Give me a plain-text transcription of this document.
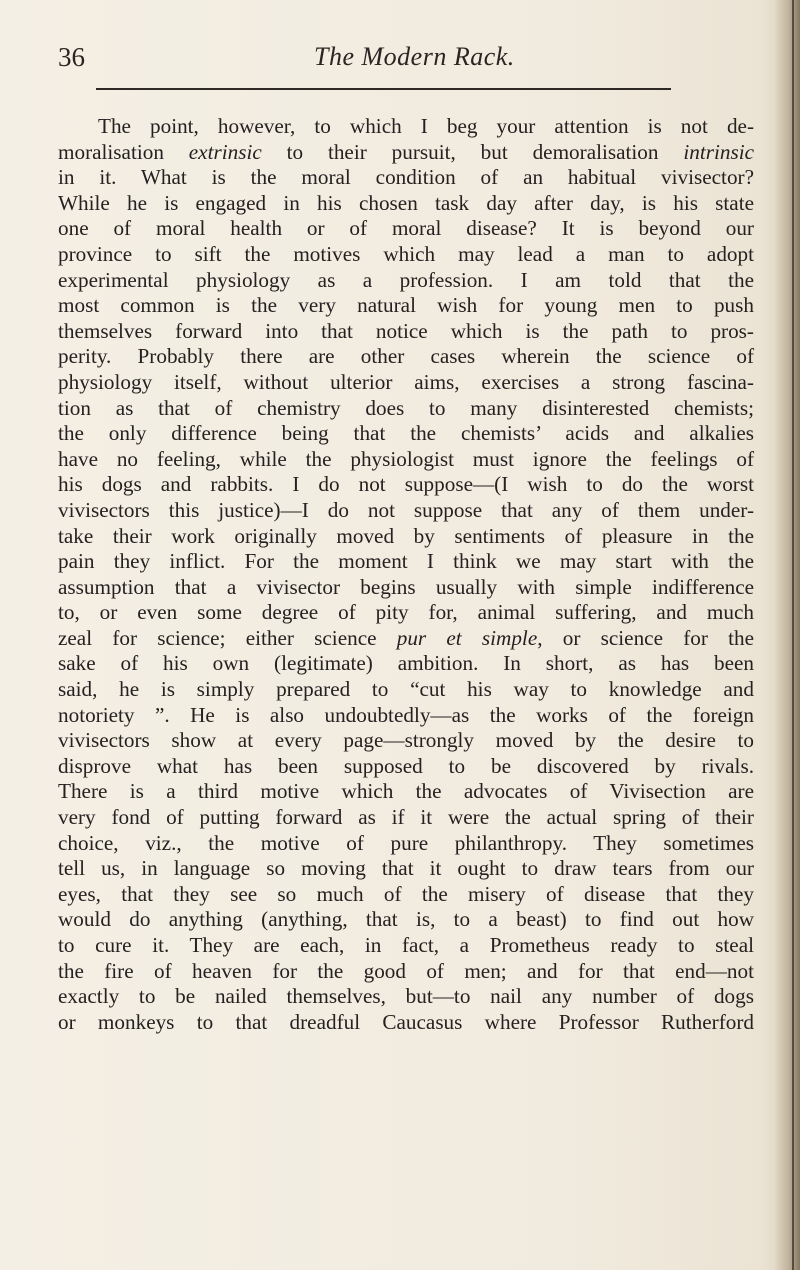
36	The Modern Rack.
The point, however, to which I beg your attention is not de-
moralisation extrinsic to their pursuit, but demoralisation intrinsic
in it. What is the moral condition of an habitual vivisector?
While he is engaged in his chosen task day after day, is his state
one of moral health or of moral disease? It is beyond our
province to sift the motives which may lead a man to adopt
experimental physiology as a profession. I am told that the
most common is the very natural wish for young men to push
themselves forward into that notice which is the path to pros-
perity. Probably there are other cases wherein the science of
physiology itself, without ulterior aims, exercises a strong fascina-
tion as that of chemistry does to many disinterested chemists;
the only difference being that the chemists’ acids and alkalies
have no feeling, while the physiologist must ignore the feelings of
his dogs and rabbits. I do not suppose—(I wish to do the worst
vivisectors this justice)—I do not suppose that any of them under-
take their work originally moved by sentiments of pleasure in the
pain they inflict. For the moment I think we may start with the
assumption that a vivisector begins usually with simple indifference
to, or even some degree of pity for, animal suffering, and much
zeal for science; either science pur et simple, or science for the
sake of his own (legitimate) ambition. In short, as has been
said, he is simply prepared to “cut his way to knowledge and
notoriety ”. He is also undoubtedly—as the works of the foreign
vivisectors show at every page—strongly moved by the desire to
disprove what has been supposed to be discovered by rivals.
There is a third motive which the advocates of Vivisection are
very fond of putting forward as if it were the actual spring of their
choice, viz., the motive of pure philanthropy. They sometimes
tell us, in language so moving that it ought to draw tears from our
eyes, that they see so much of the misery of disease that they
would do anything (anything, that is, to a beast) to find out how
to cure it. They are each, in fact, a Prometheus ready to steal
the fire of heaven for the good of men; and for that end—not
exactly to be nailed themselves, but—to nail any number of dogs
or monkeys to that dreadful Caucasus where Professor Rutherford
